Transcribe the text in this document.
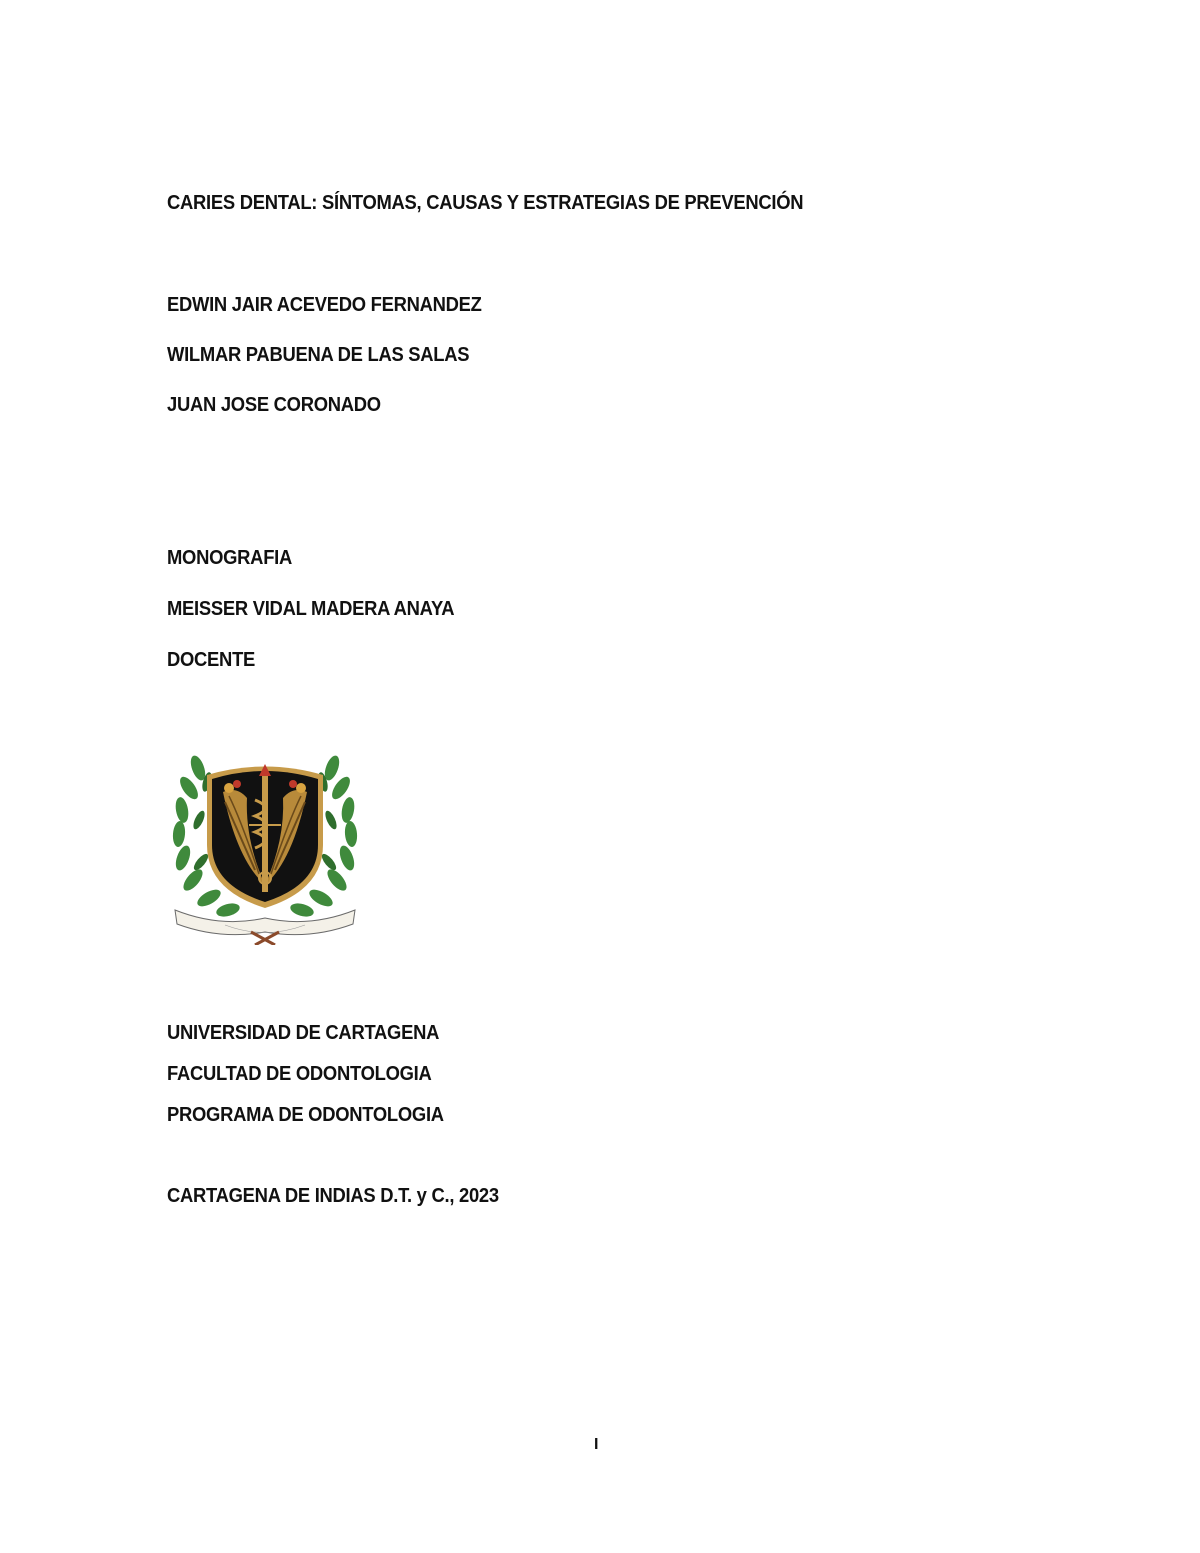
CARIES DENTAL: SÍNTOMAS, CAUSAS Y ESTRATEGIAS DE PREVENCIÓN
EDWIN JAIR ACEVEDO FERNANDEZ
WILMAR PABUENA DE LAS SALAS
JUAN JOSE CORONADO
MONOGRAFIA
MEISSER VIDAL MADERA ANAYA
DOCENTE
UNIVERSIDAD DE CARTAGENA
FACULTAD DE ODONTOLOGIA
PROGRAMA DE ODONTOLOGIA
CARTAGENA DE INDIAS D.T. y C., 2023
I
